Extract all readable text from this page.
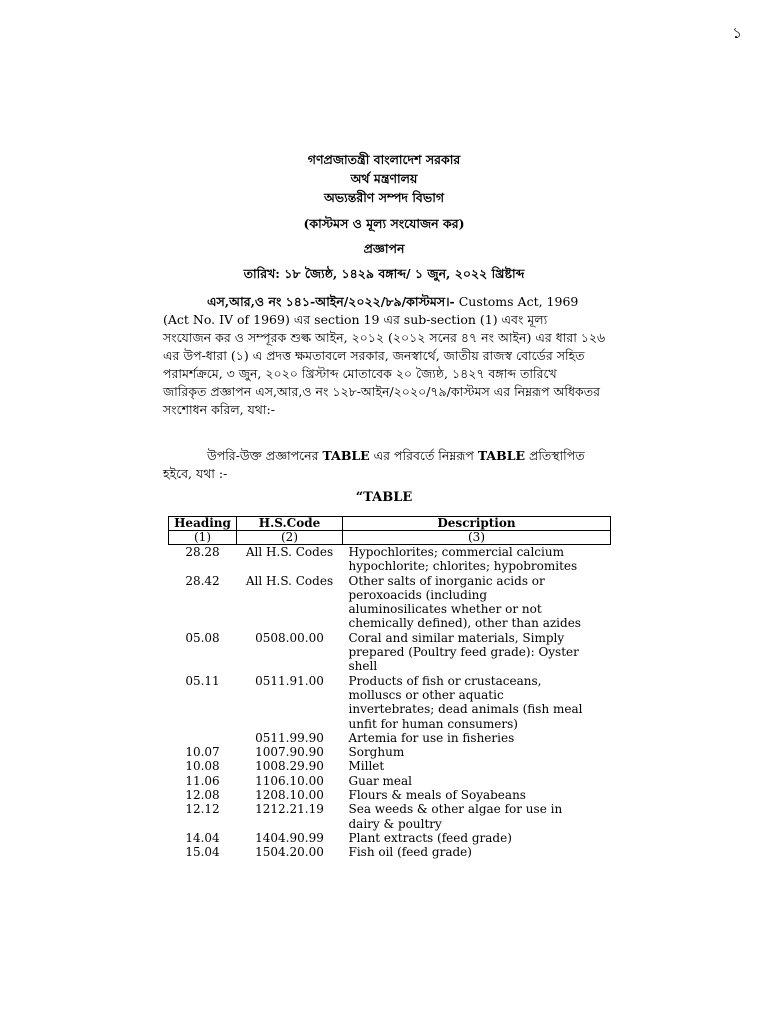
১
গণপ্রজাতন্ত্রী বাংলাদেশ সরকার
অর্থ মন্ত্রণালয়
অভ্যন্তরীণ সম্পদ বিভাগ
(কাস্টমস ও মূল্য সংযোজন কর)
প্রজ্ঞাপন
তারিখ: ১৮ জ্যৈষ্ঠ, ১৪২৯ বঙ্গাব্দ/ ১ জুন, ২০২২ খ্রিষ্টাব্দ
এস,আর,ও নং ১৪১-আইন/২০২২/৮৯/কাস্টমস।- Customs Act, 1969
(Act No. IV of 1969) এর section 19 এর sub-section (1) এবং মূল্য
সংযোজন কর ও সম্পূরক শুল্ক আইন, ২০১২ (২০১২ সনের ৪৭ নং আইন) এর ধারা ১২৬
এর উপ-ধারা (১) এ প্রদত্ত ক্ষমতাবলে সরকার, জনস্বার্থে, জাতীয় রাজস্ব বোর্ডের সহিত
পরামর্শক্রমে, ৩ জুন, ২০২০ খ্রিস্টাব্দ মোতাবেক ২০ জ্যৈষ্ঠ, ১৪২৭ বঙ্গাব্দ তারিখে
জারিকৃত প্রজ্ঞাপন এস,আর,ও নং ১২৮-আইন/২০২০/৭৯/কাস্টমস এর নিম্নরূপ অধিকতর
সংশোধন করিল, যথা:-
উপরি-উক্ত প্রজ্ঞাপনের TABLE এর পরিবর্তে নিম্নরূপ TABLE প্রতিস্থাপিত
হইবে, যথা :-
“TABLE
Heading	H.S.Code	Description
(1)	(2)	(3)
28.28	All H.S. Codes	Hypochlorites; commercial calcium
hypochlorite; chlorites; hypobromites

28.42	All H.S. Codes	Other salts of inorganic acids or
peroxoacids (including
aluminosilicates whether or not
chemically defined), other than azides

05.08	0508.00.00	Coral and similar materials, Simply
prepared (Poultry feed grade): Oyster
shell

05.11	0511.91.00	Products of fish or crustaceans,
molluscs or other aquatic
invertebrates; dead animals (fish meal
unfit for human consumers)

	0511.99.90	Artemia for use in fisheries

10.07	1007.90.90	Sorghum

10.08	1008.29.90	Millet

11.06	1106.10.00	Guar meal

12.08	1208.10.00	Flours & meals of Soyabeans

12.12	1212.21.19	Sea weeds & other algae for use in
dairy & poultry

14.04	1404.90.99	Plant extracts (feed grade)

15.04	1504.20.00	Fish oil (feed grade)
